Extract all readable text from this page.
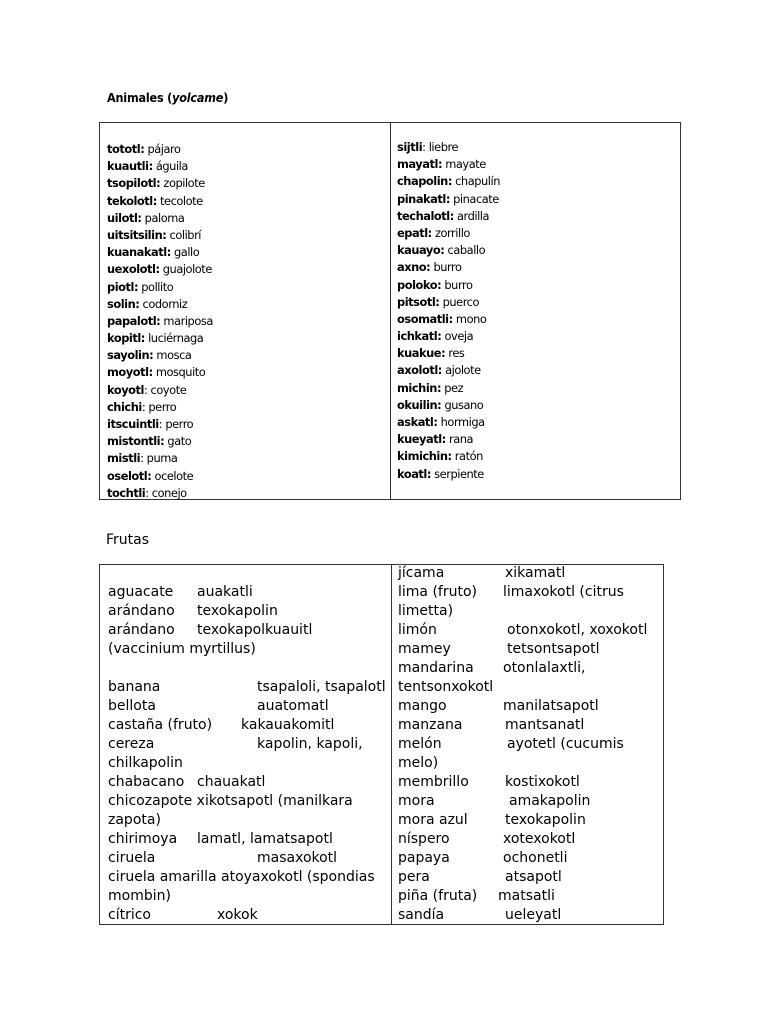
Animales (yolcame)
tototl: pájaro
kuautli: águila
tsopilotl: zopilote
tekolotl: tecolote
uilotl: paloma
uitsitsilin: colibrí
kuanakatl: gallo
uexolotl: guajolote
piotl: pollito
solin: codorniz
papalotl: mariposa
kopitl: luciérnaga
sayolin: mosca
moyotl: mosquito
koyotl: coyote
chichi: perro
itscuintli: perro
mistontli: gato
mistli: puma
oselotl: ocelote
tochtli: conejo
sijtli: liebre
mayatl: mayate
chapolin: chapulín
pinakatl: pinacate
techalotl: ardilla
epatl: zorrillo
kauayo: caballo
axno: burro
poloko: burro
pitsotl: puerco
osomatli: mono
ichkatl: oveja
kuakue: res
axolotl: ajolote
michin: pez
okuilin: gusano
askatl: hormiga
kueyatl: rana
kimichin: ratón
koatl: serpiente
Frutas
aguacate auakatli
arándano texokapolin
arándano texokapolkuauitl
(vaccinium myrtillus)
banana	tsapaloli, tsapalotl
bellota	auatomatl
castaña (fruto) kakauakomitl
cereza	kapolin, kapoli,
chilkapolin
chabacano chauakatl
chicozapote xikotsapotl (manilkara
zapota)
chirimoya lamatl, lamatsapotl
ciruela	masaxokotl
ciruela amarilla atoyaxokotl (spondias
mombin)
cítrico	xokok
jícama	xikamatl
lima (fruto) limaxokotl (citrus
limetta)
limón	otonxokotl, xoxokotl
mamey	tetsontsapotl
mandarina otonlalaxtli,
tentsonxokotl
mango	manilatsapotl
manzana	mantsanatl
melón	ayotetl (cucumis
melo)
membrillo	kostixokotl
mora	amakapolin
mora azul	texokapolin
níspero	xotexokotl
papaya	ochonetli
pera	atsapotl
piña (fruta) matsatli
sandía	ueleyatl
